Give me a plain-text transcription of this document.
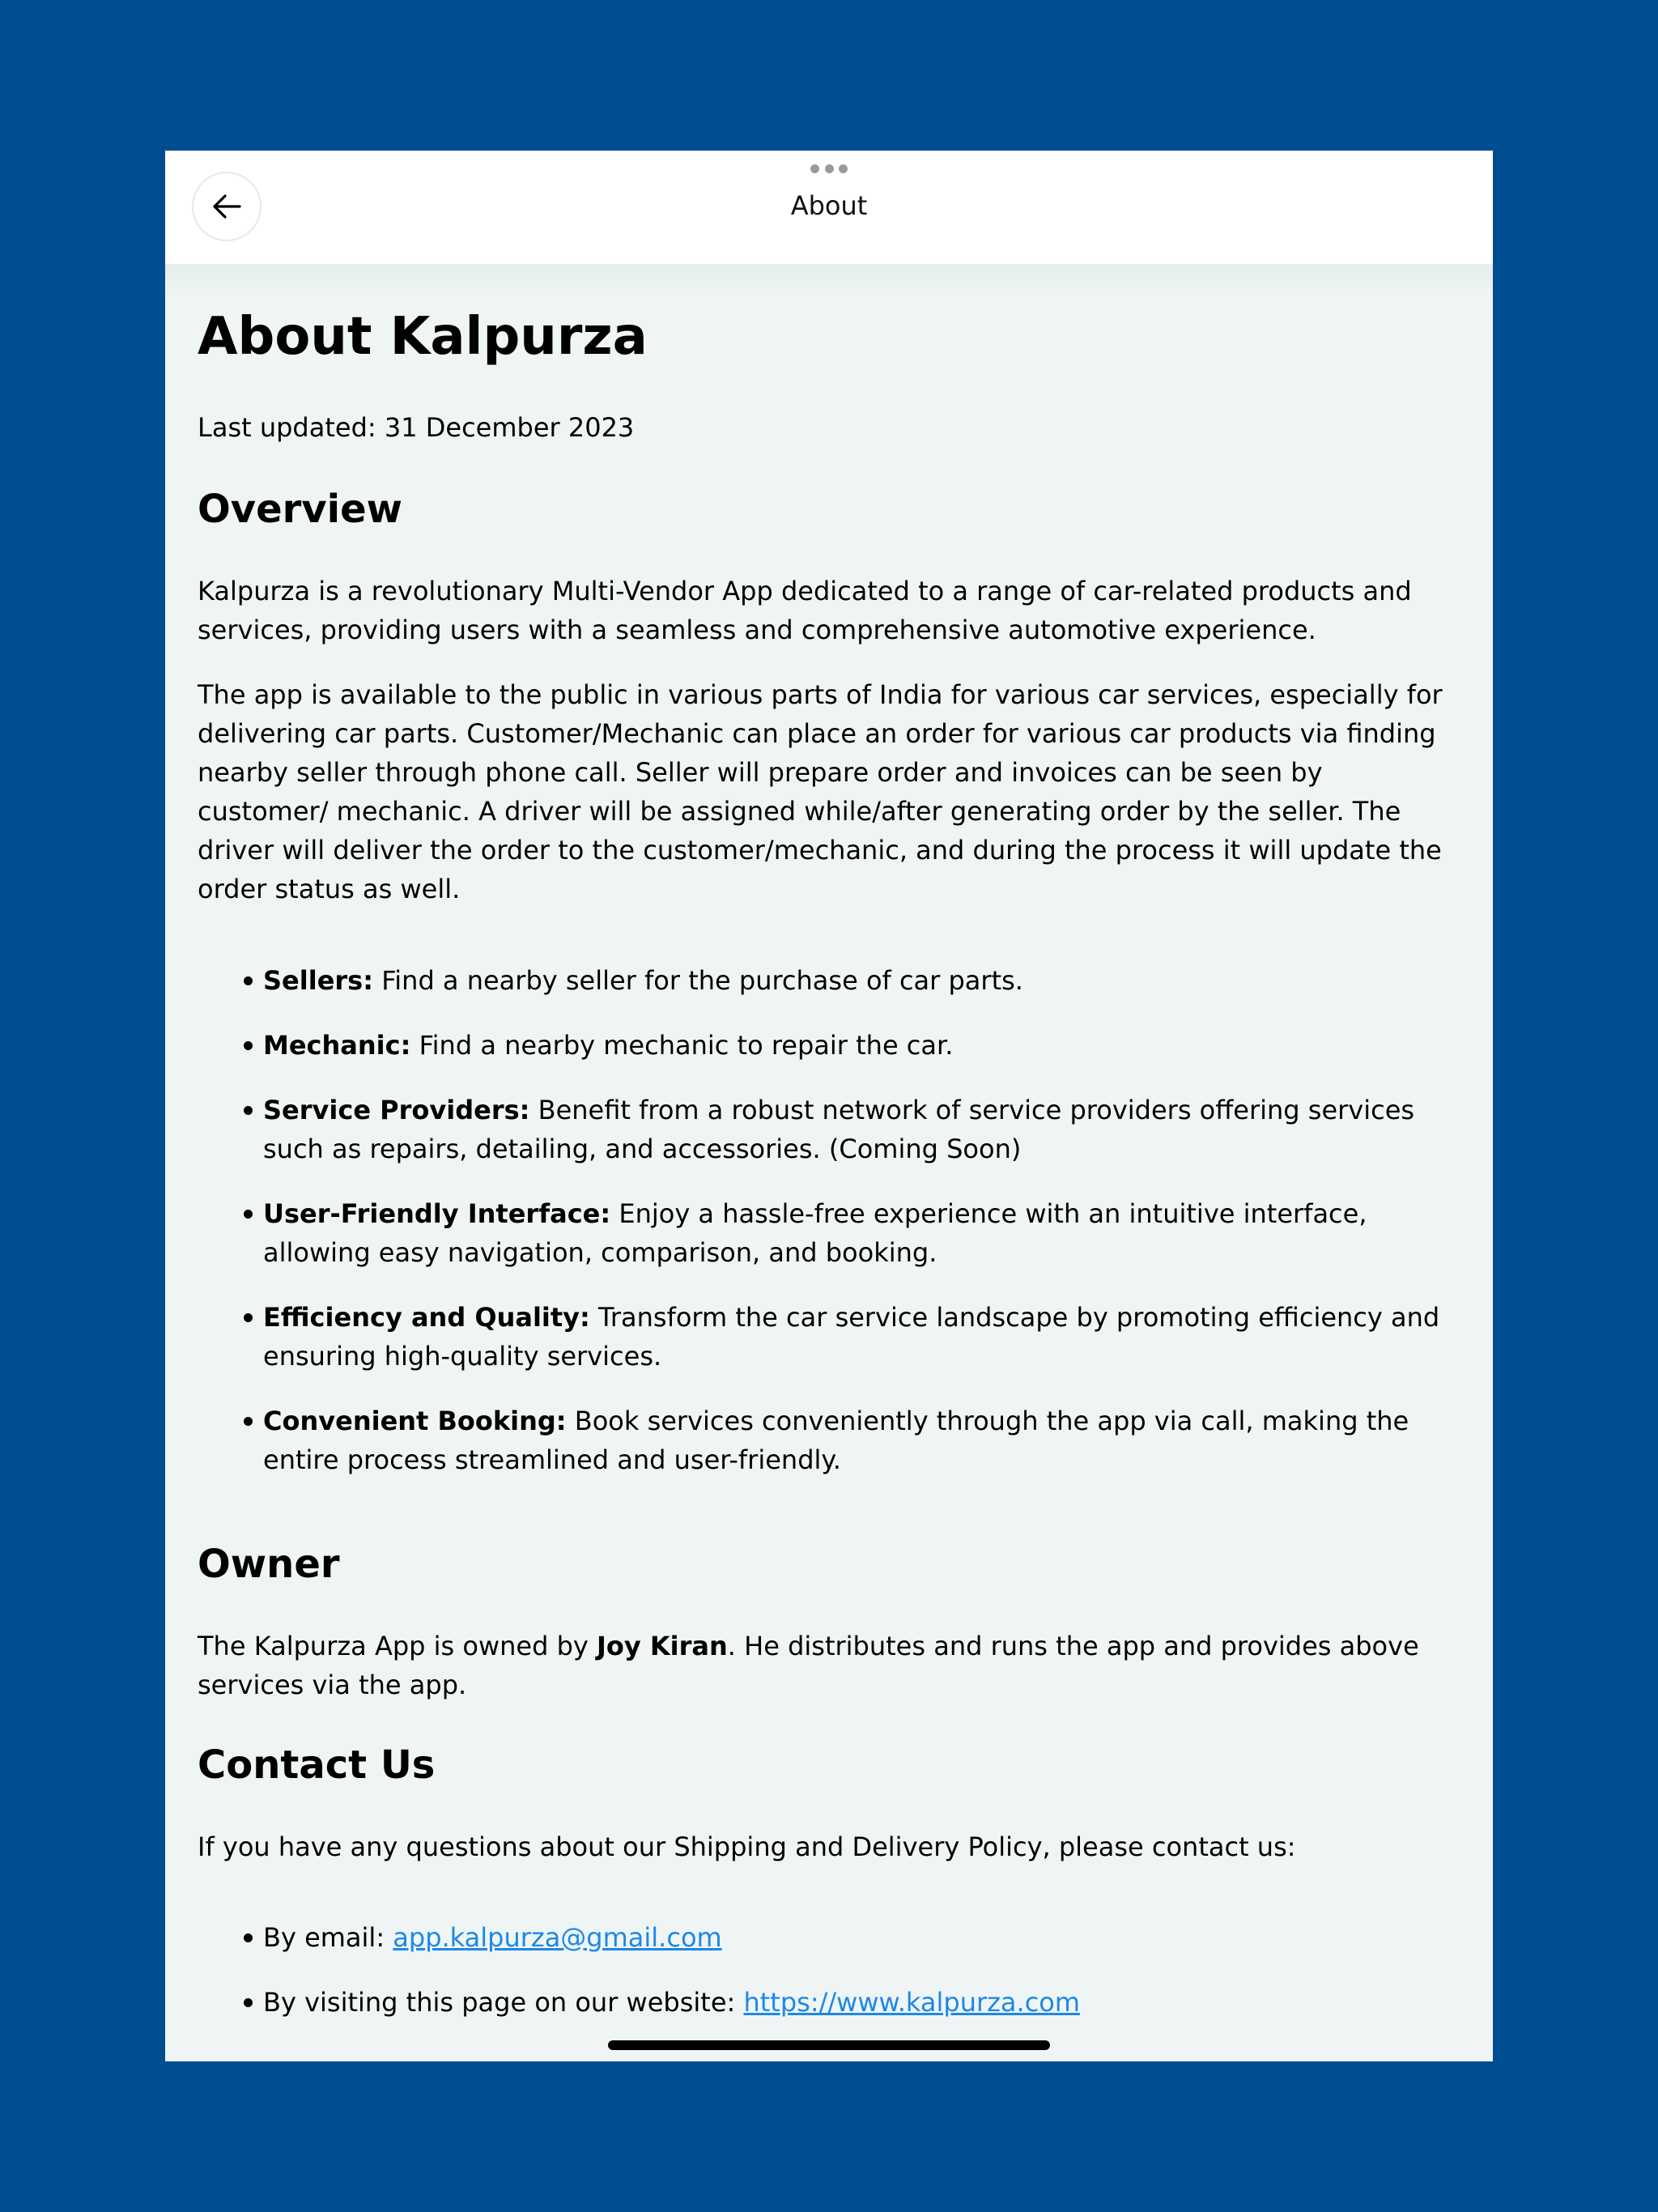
About
About Kalpurza

Last updated: 31 December 2023

Overview

Kalpurza is a revolutionary Multi-Vendor App dedicated to a range of car-related products and services, providing users with a seamless and comprehensive automotive experience.

The app is available to the public in various parts of India for various car services, especially for delivering car parts. Customer/Mechanic can place an order for various car products via finding nearby seller through phone call. Seller will prepare order and invoices can be seen by customer/ mechanic. A driver will be assigned while/after generating order by the seller. The driver will deliver the order to the customer/mechanic, and during the process it will update the order status as well.

Sellers: Find a nearby seller for the purchase of car parts.
Mechanic: Find a nearby mechanic to repair the car.
Service Providers: Benefit from a robust network of service providers offering services such as repairs, detailing, and accessories. (Coming Soon)
User-Friendly Interface: Enjoy a hassle-free experience with an intuitive interface, allowing easy navigation, comparison, and booking.
Efficiency and Quality: Transform the car service landscape by promoting efficiency and ensuring high-quality services.
Convenient Booking: Book services conveniently through the app via call, making the entire process streamlined and user-friendly.
Owner

The Kalpurza App is owned by Joy Kiran. He distributes and runs the app and provides above services via the app.

Contact Us

If you have any questions about our Shipping and Delivery Policy, please contact us:

By email: app.kalpurza@gmail.com
By visiting this page on our website: https://www.kalpurza.com
